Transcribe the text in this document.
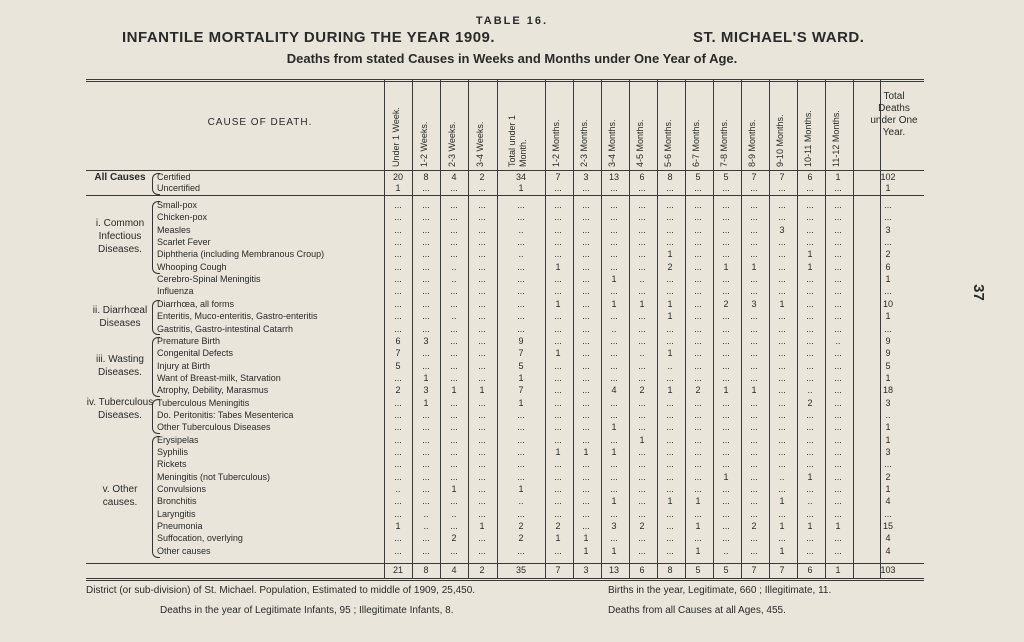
TABLE 16.
INFANTILE MORTALITY DURING THE YEAR 1909.	ST. MICHAEL'S WARD.
Deaths from stated Causes in Weeks and Months under One Year of Age.
37
CAUSE OF DEATH.	Under 1 Week. 1-2 Weeks. 2-3 Weeks. 3-4 Weeks. Total under 1 Month.	1-2 Months. 2-3 Months. 3-4 Months. 4-5 Months. 5-6 Months. 6-7 Months. 7-8 Months. 8-9 Months. 9-10 Months. 10-11 Months. 11-12 Months.
Total Deaths under One Year.
All Causes
i. Common Infectious Diseases.
ii. Diarrhœal Diseases
iii. Wasting Diseases.
iv. Tuberculous Diseases.
v. Other causes.
Certified	20	8	4	2	34	7	3	13	6	8	5	5	7	7	6	1	102
Uncertified	1	...	...	...	1	...	...	...	...	...	...	...	...	...	...	...	1
Small-pox	...	...	...	...	...	...	...	...	...	...	...	...	...	...	...	...	...
Chicken-pox	...	...	...	...	...	...	...	...	...	...	...	...	...	...	...	...	...
Measles	...	...	...	...	..	...	...	...	...	...	...	...	...	3	...	...	3
Scarlet Fever	...	...	...	...	...	...	...	...	...	...	...	...	...	...	...	...	...
Diphtheria (including Membranous Croup)	...	...	...	...	..	...	...	...	...	1	...	...	...	...	1	...	2
Whooping Cough	...	...	..	...	...	1	...	...	...	2	...	1	1	...	1	...	6
Cerebro-Spinal Meningitis	...	...	..	...	...	...	...	1	..	...	...	...	...	...	...	...	1
Influenza	...	...	...	...	...	...	...	...	...	...	...	...	...	...	...	...	...
Diarrhœa, all forms	...	...	...	...	...	1	...	1	1	1	...	2	3	1	...	...	10
Enteritis, Muco-enteritis, Gastro-enteritis	...	...	..	...	...	...	...	...	...	1	...	...	...	...	...	...	1
Gastritis, Gastro-intestinal Catarrh	...	...	...	...	...	...	...	..	...	...	...	...	...	...	...	...	...
Premature Birth	6	3	...	...	9	...	...	...	...	...	...	...	...	...	...	..	9
Congenital Defects	7	...	...	...	7	1	...	...	..	1	...	...	...	...	...	...	9
Injury at Birth	5	...	...	...	5	...	...	...	...	..	...	...	...	...	...	...	5
Want of Breast-milk, Starvation	...	1	...	...	1	...	...	...	...	...	...	...	...	...	...	...	1
Atrophy, Debility, Marasmus	2	3	1	1	7	...	...	4	2	1	2	1	1	...	..	...	18
Tuberculous Meningitis	...	1	...	...	1	...	...	...	...	...	...	...	...	...	2	...	3
Do. Peritonitis: Tabes Mesenterica	...	...	...	...	...	...	...	...	...	...	...	...	...	...	...	...	..
Other Tuberculous Diseases	...	...	...	...	...	...	...	1	...	...	...	...	...	...	...	...	1
Erysipelas	...	...	...	...	...	...	...	...	1	...	...	...	...	...	...	...	1
Syphilis	...	...	...	...	...	1	1	1	...	...	...	...	...	...	...	...	3
Rickets	...	...	...	...	...	...	...	...	...	...	...	...	...	...	...	...	...
Meningitis (not Tuberculous)	...	...	...	...	...	...	...	...	...	...	...	1	...	..	1	...	2
Convulsions	..	...	1	...	1	...	...	...	...	...	...	...	...	...	...	...	1
Bronchitis	...	...	...	...	..	...	...	1	...	1	1	...	...	1	..	...	4
Laryngitis	...	..	..	...	...	...	...	...	...	...	...	...	...	...	...	...	...
Pneumonia	1	..	...	1	2	2	...	3	2	...	1	...	2	1	1	1	15
Suffocation, overlying	...	...	2	...	2	1	1	...	...	...	...	...	...	...	...	...	4
Other causes	...	...	...	...	...	...	1	1	...	...	1	..	...	1	...	...	4
21	8	4	2	35	7	3	13	6	8	5	5	7	7	6	1	103
District (or sub-division) of St. Michael. Population, Estimated to middle of 1909, 25,450.	Births in the year, Legitimate, 660 ; Illegitimate, 11.
Deaths in the year of Legitimate Infants, 95 ; Illegitimate Infants, 8.	Deaths from all Causes at all Ages, 455.
